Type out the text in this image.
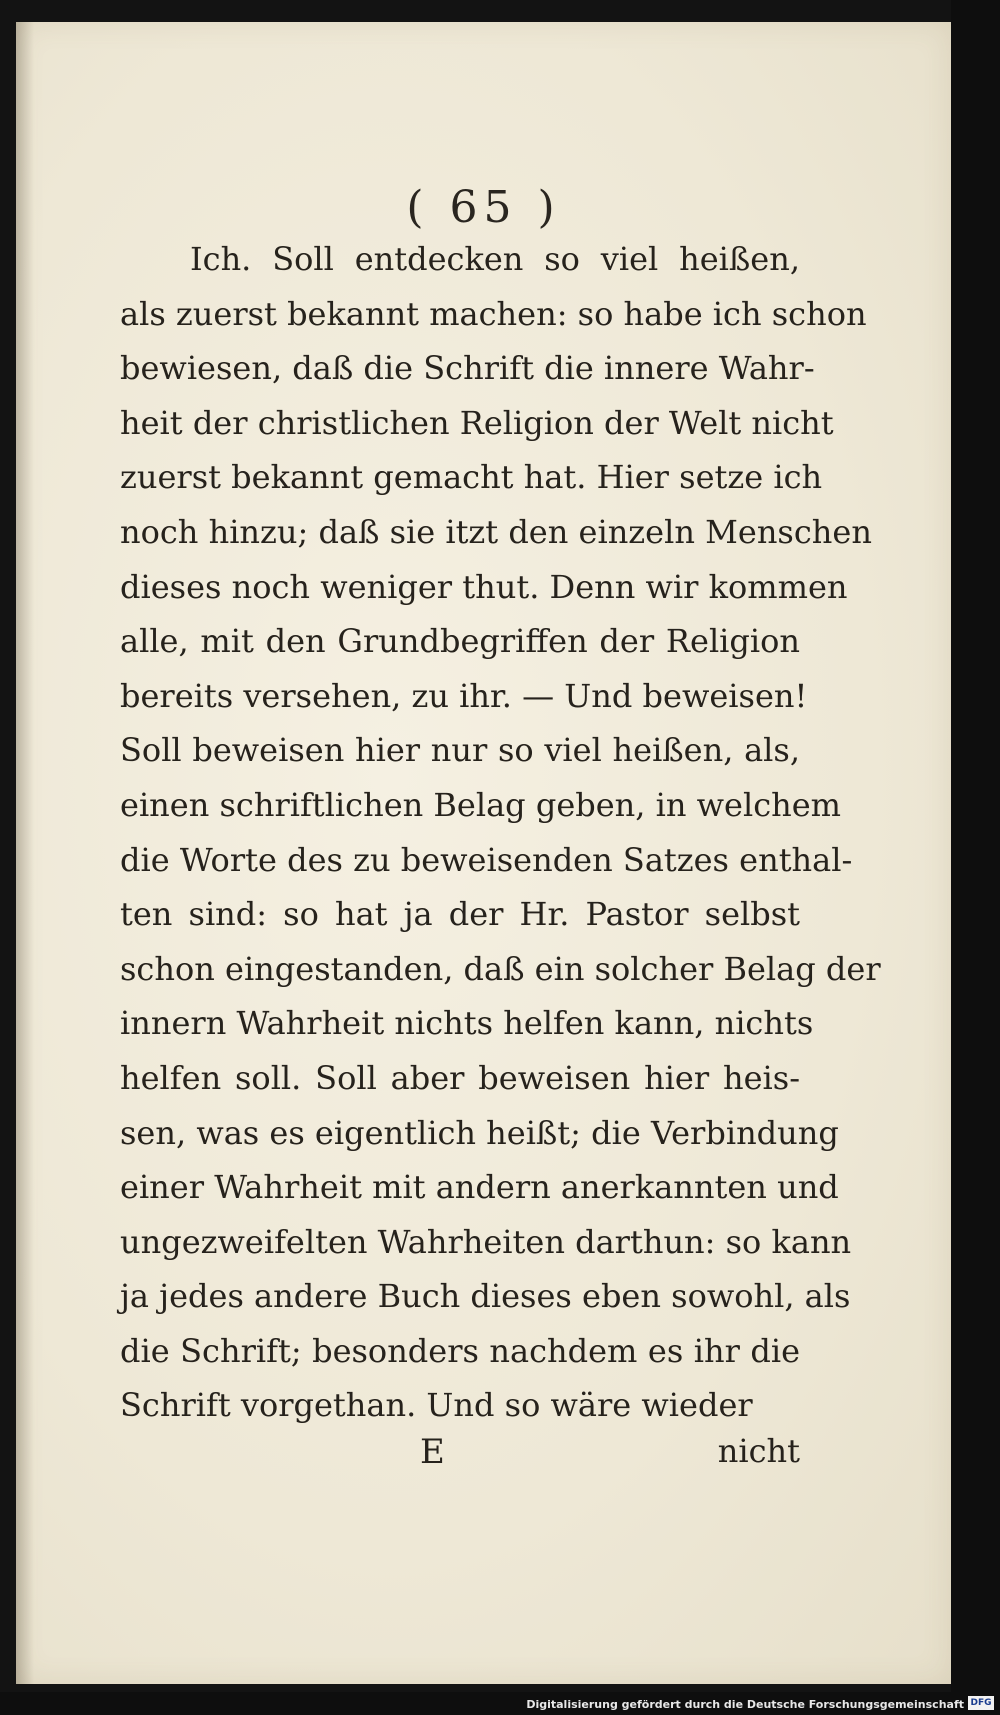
( 65 )
Ich. Soll entdecken so viel heißen,
als zuerst bekannt machen: so habe ich schon
bewiesen, daß die Schrift die innere Wahr-
heit der christlichen Religion der Welt nicht
zuerst bekannt gemacht hat. Hier setze ich
noch hinzu; daß sie itzt den einzeln Menschen
dieses noch weniger thut. Denn wir kommen
alle, mit den Grundbegriffen der Religion
bereits versehen, zu ihr. — Und beweisen!
Soll beweisen hier nur so viel heißen, als,
einen schriftlichen Belag geben, in welchem
die Worte des zu beweisenden Satzes enthal-
ten sind: so hat ja der Hr. Pastor selbst
schon eingestanden, daß ein solcher Belag der
innern Wahrheit nichts helfen kann, nichts
helfen soll. Soll aber beweisen hier heis-
sen, was es eigentlich heißt; die Verbindung
einer Wahrheit mit andern anerkannten und
ungezweifelten Wahrheiten darthun: so kann
ja jedes andere Buch dieses eben sowohl, als
die Schrift; besonders nachdem es ihr die
Schrift vorgethan. Und so wäre wieder
E	nicht
Digitalisierung gefördert durch die Deutsche Forschungsgemeinschaft DFG
